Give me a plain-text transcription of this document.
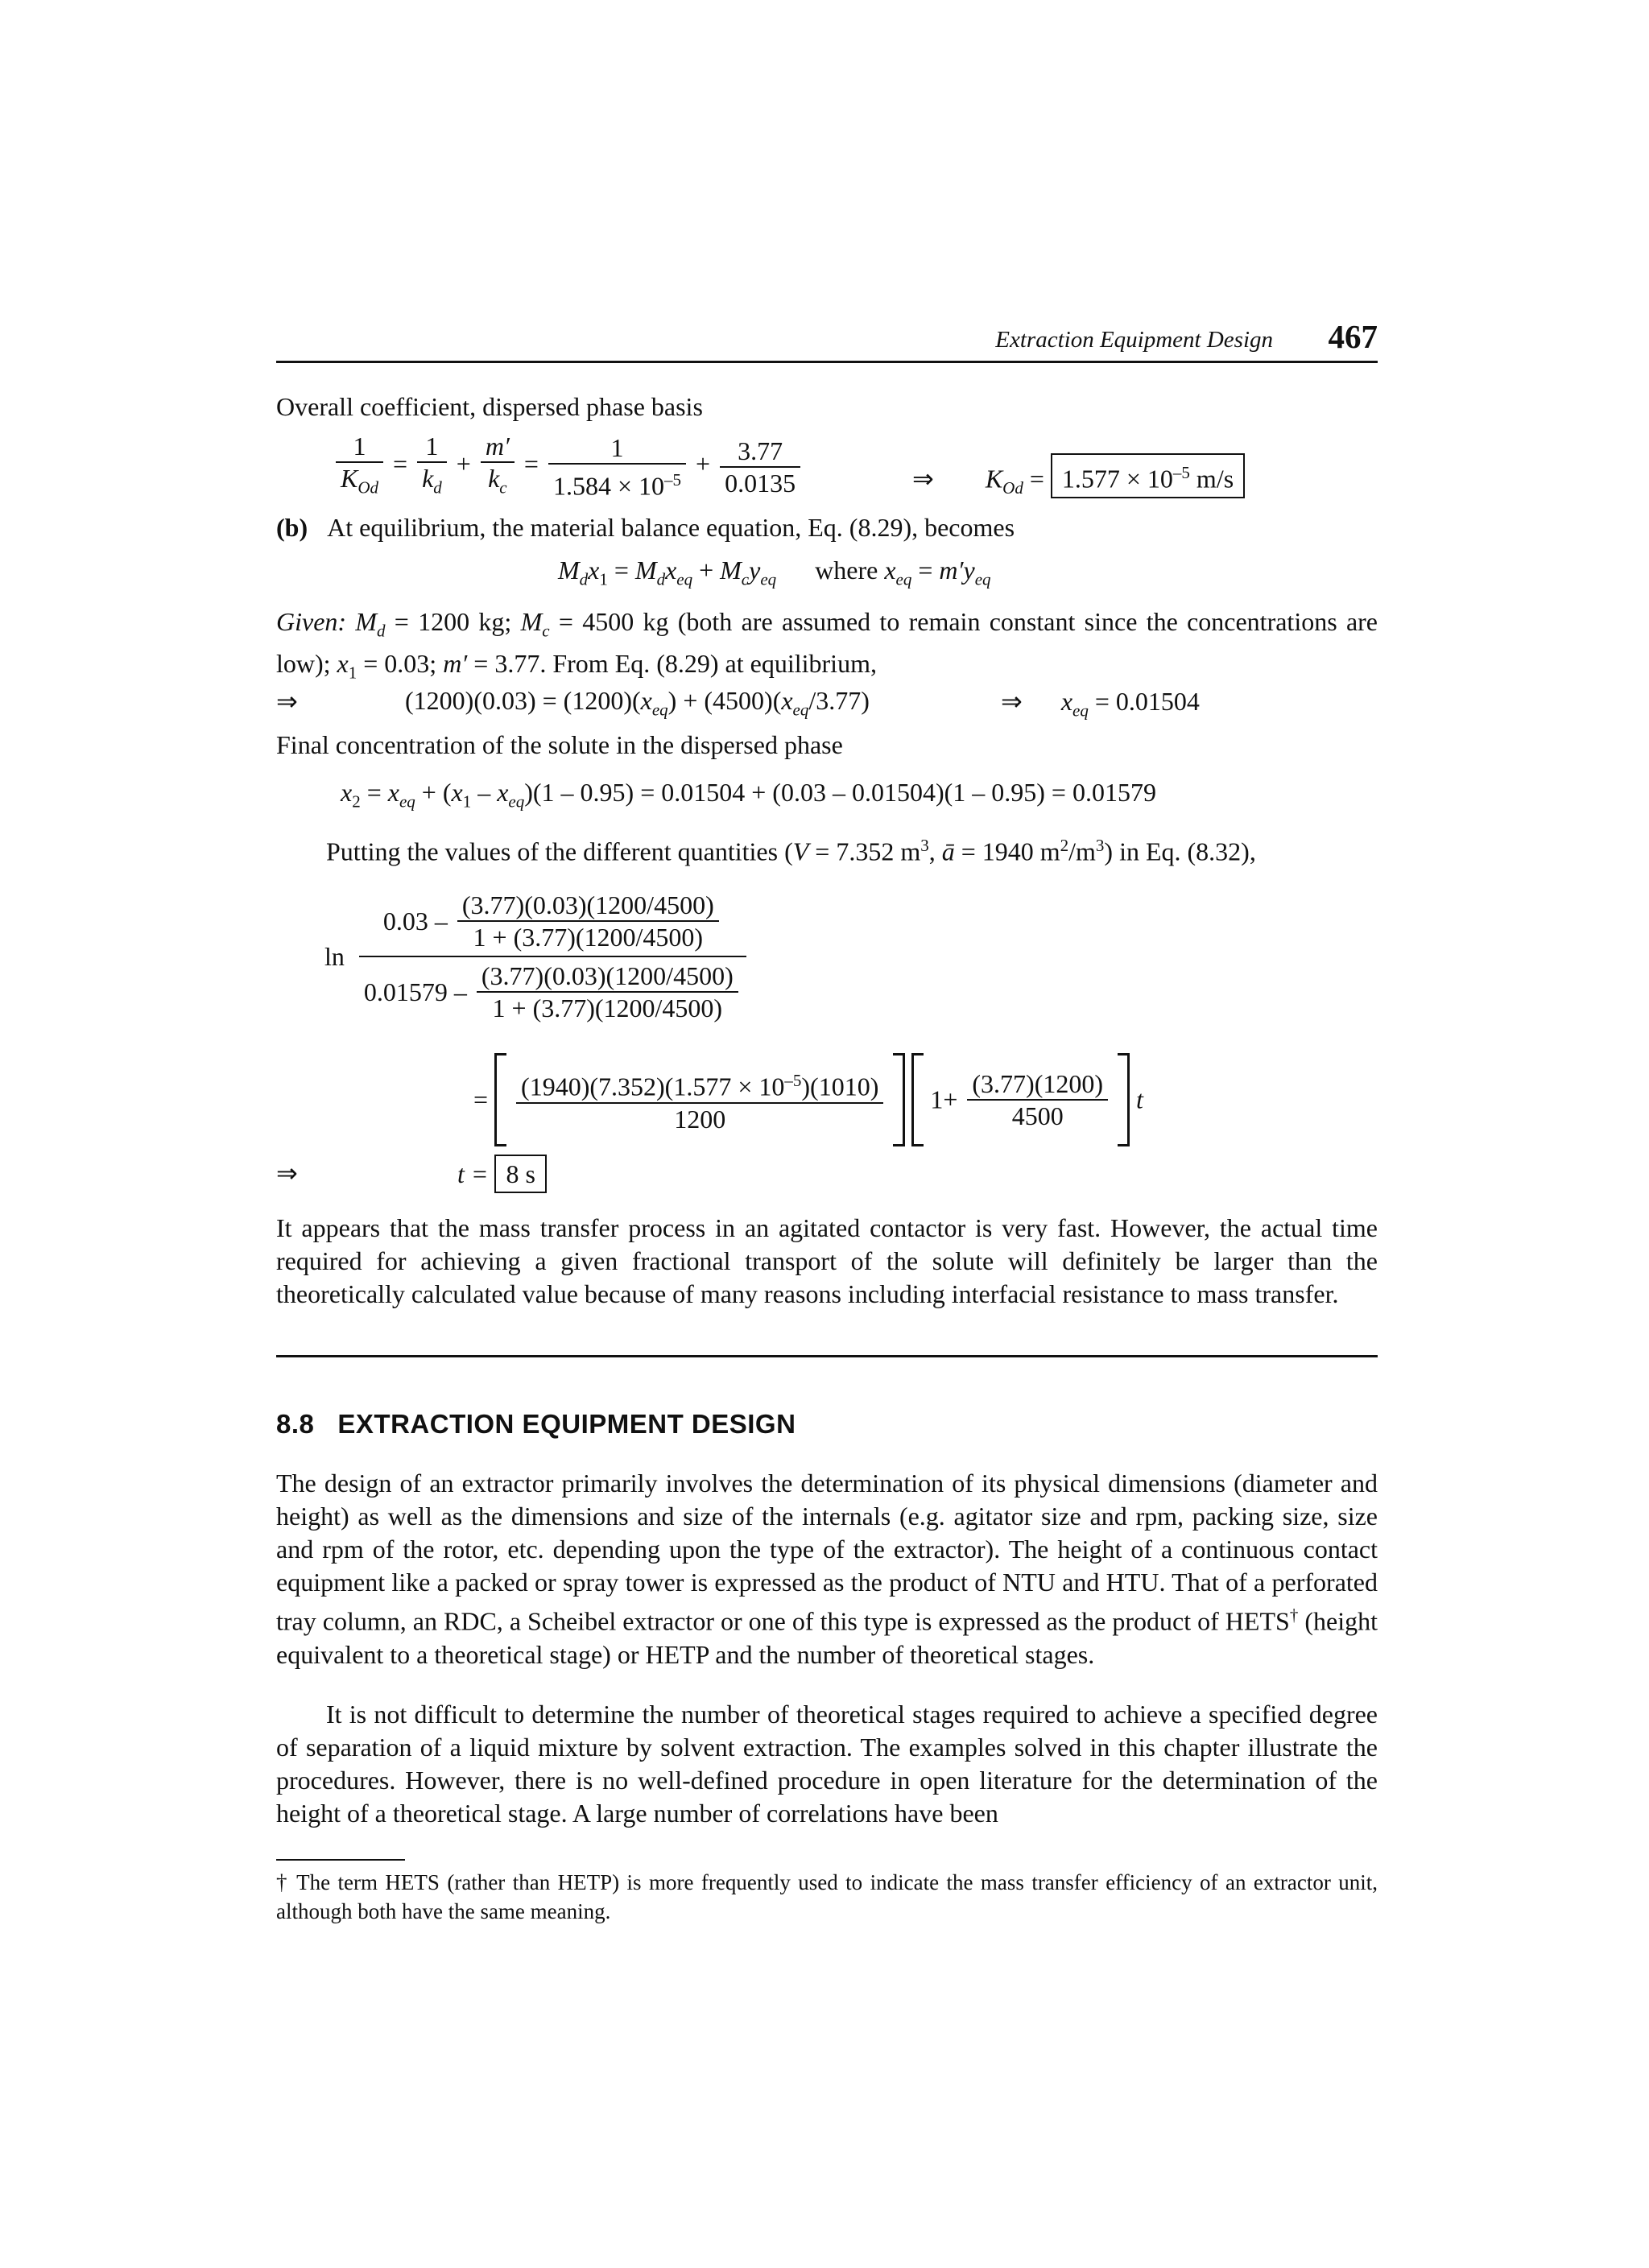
Extraction Equipment Design 467
Overall coefficient, dispersed phase basis
$\frac{1}{K_{Od}} = \frac{1}{k_d} + \frac{m'}{k_c} = \frac{1}{1.584 \times 10^{-5}} + \frac{3.77}{0.0135}$	⇒ $K_{Od} = 1.577 \times 10^{-5}$ m/s
(b) At equilibrium, the material balance equation, Eq. (8.29), becomes
$M_dx_1 = M_dx_{eq} + M_cy_{eq}$ where $x_{eq} = m'y_{eq}$
Given: $M_d = 1200$ kg; $M_c = 4500$ kg (both are assumed to remain constant since the concentrations are low); $x_1 = 0.03$; m′ = 3.77. From Eq. (8.29) at equilibrium,
⇒	$(1200)(0.03) = (1200)(x_{eq}) + (4500)(x_{eq}/3.77)$	⇒ $x_{eq} = 0.01504$
Final concentration of the solute in the dispersed phase
$x_2 = x_{eq} + (x_1 - x_{eq})(1 - 0.95) = 0.01504 + (0.03 - 0.01504)(1 - 0.95) = 0.01579$
Putting the values of the different quantities (V = 7.352 $m^3$, ā = 1940 $m^2/m^3$) in Eq. (8.32),
ln
$0.03 - \frac{(3.77)(0.03)(1200/4500)}{1 + (3.77)(1200/4500)}$
$0.01579 - \frac{(3.77)(0.03)(1200/4500)}{1 + (3.77)(1200/4500)}$
= $\frac{(1940)(7.352)(1.577 \times 10^{-5})(1010)}{1200} 1+ \frac{(3.77)(1200)}{4500}$ t
⇒	t = 8 s
It appears that the mass transfer process in an agitated contactor is very fast. However, the actual time required for achieving a given fractional transport of the solute will definitely be larger than the theoretically calculated value because of many reasons including interfacial resistance to mass transfer.
8.8 EXTRACTION EQUIPMENT DESIGN
The design of an extractor primarily involves the determination of its physical dimensions (diameter and height) as well as the dimensions and size of the internals (e.g. agitator size and rpm, packing size, size and rpm of the rotor, etc. depending upon the type of the extractor). The height of a continuous contact equipment like a packed or spray tower is expressed as the product of NTU and HTU. That of a perforated tray column, an RDC, a Scheibel extractor or one of this type is expressed as the product of HETS† (height equivalent to a theoretical stage) or HETP and the number of theoretical stages.
It is not difficult to determine the number of theoretical stages required to achieve a specified degree of separation of a liquid mixture by solvent extraction. The examples solved in this chapter illustrate the procedures. However, there is no well-defined procedure in open literature for the determination of the height of a theoretical stage. A large number of correlations have been
† The term HETS (rather than HETP) is more frequently used to indicate the mass transfer efficiency of an extractor unit, although both have the same meaning.
